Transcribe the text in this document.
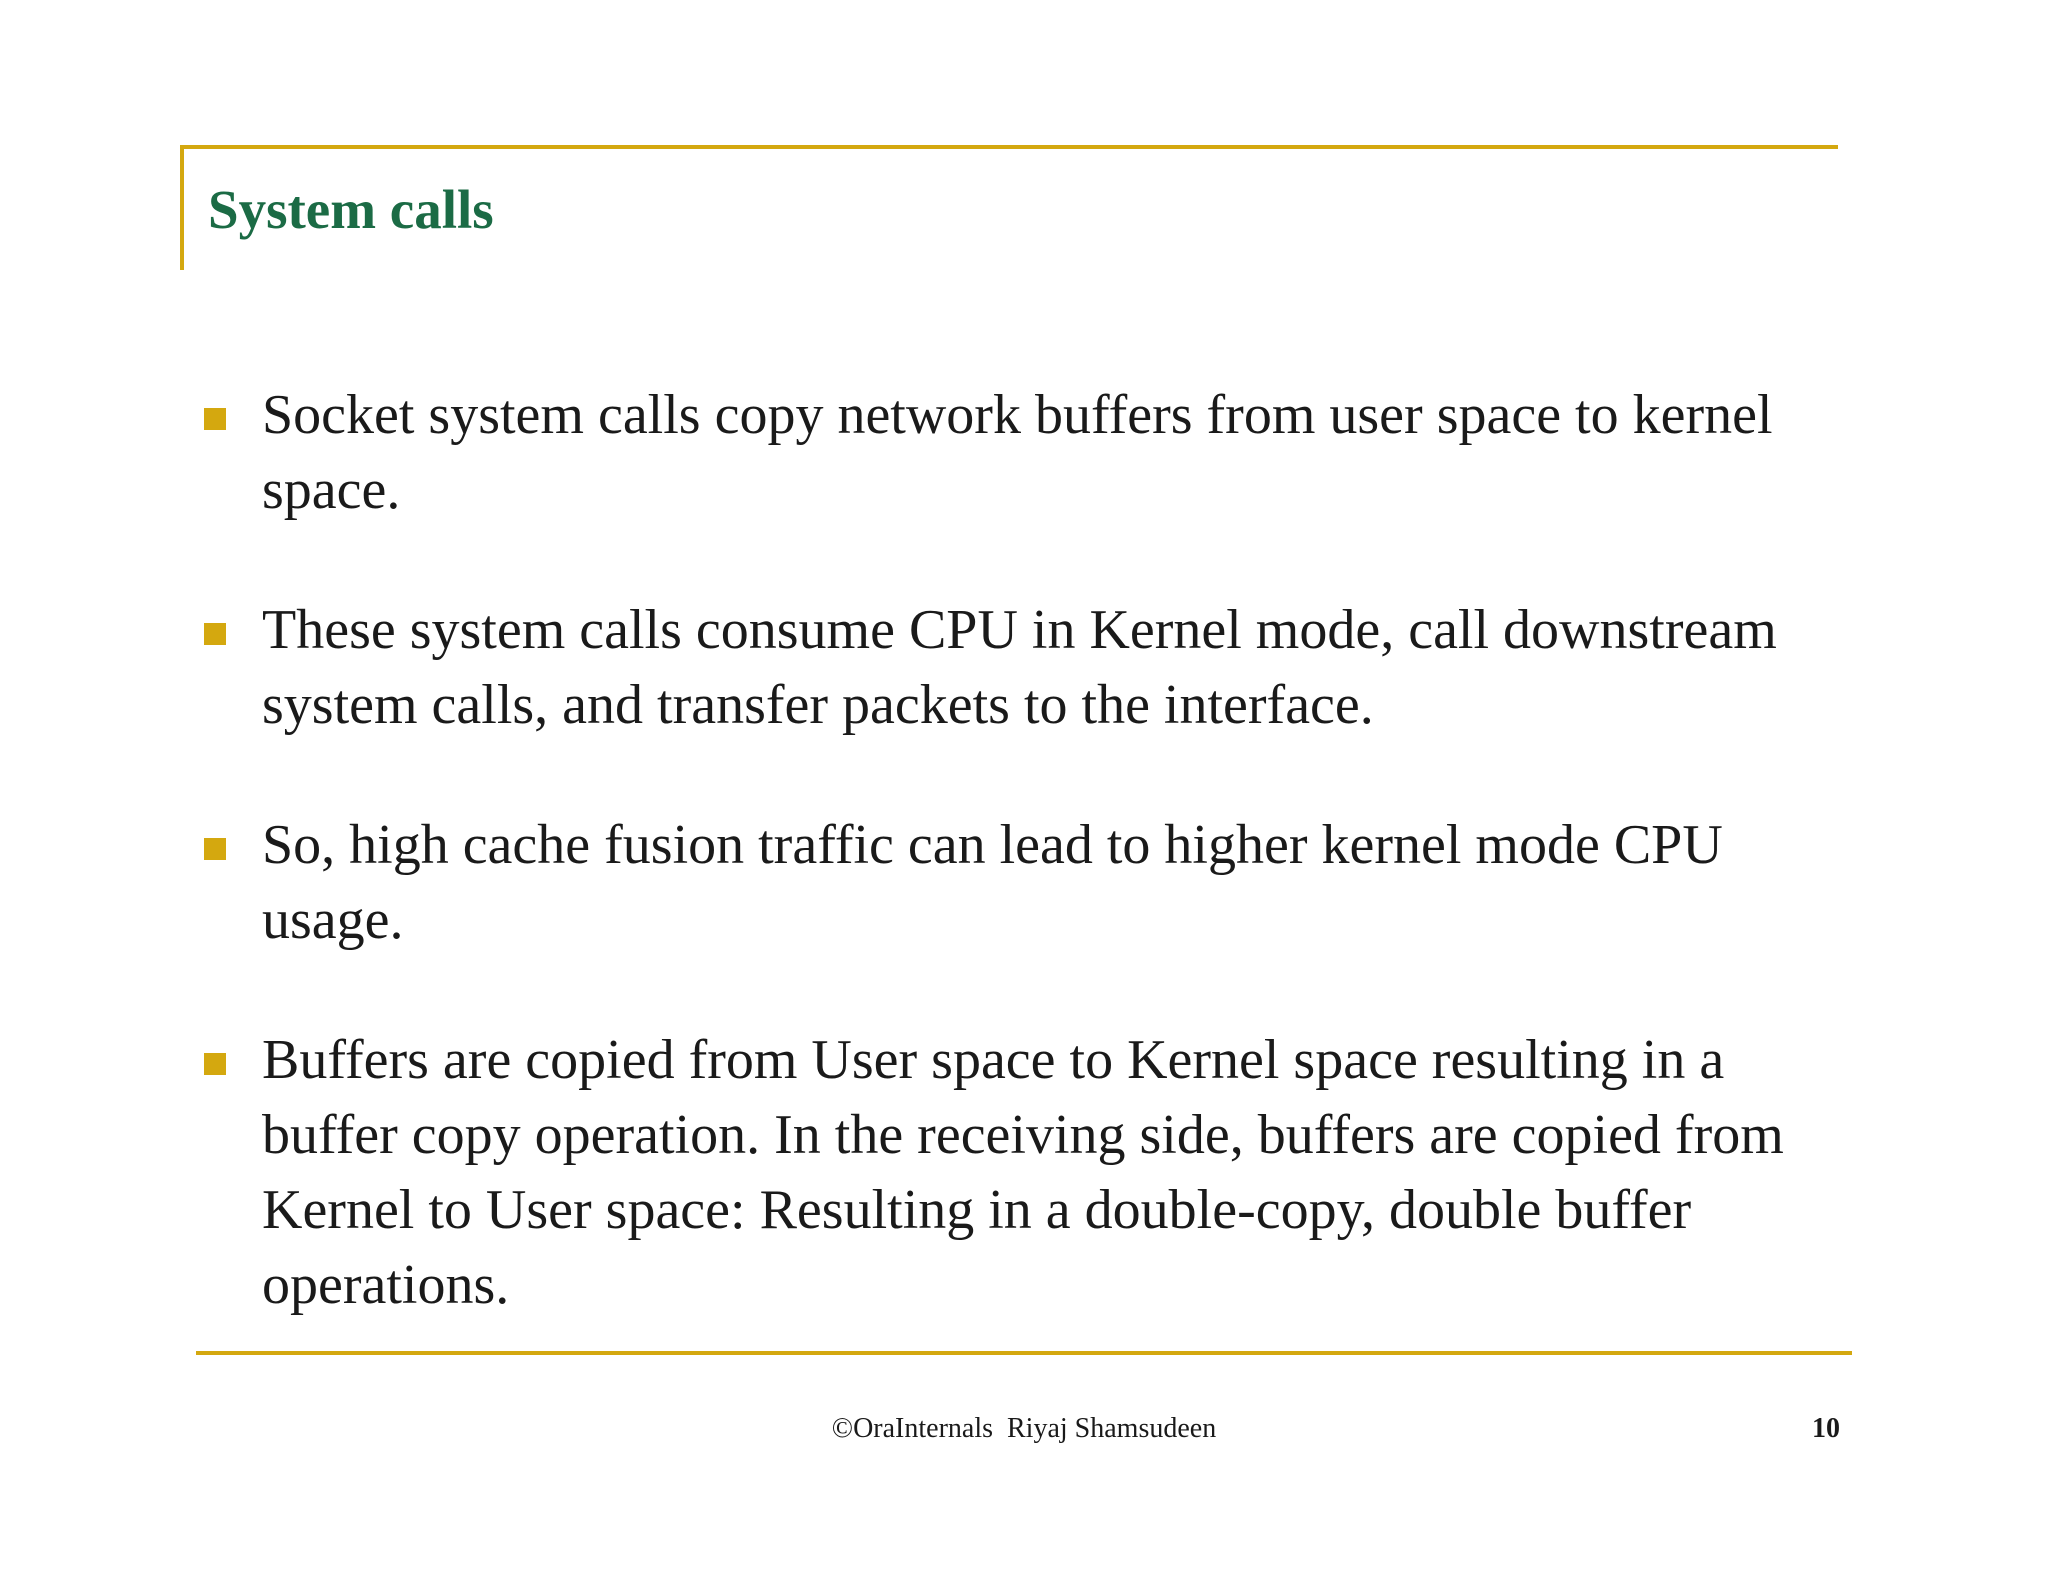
System calls
Socket system calls copy network buffers from user space to kernel space.
These system calls consume CPU in Kernel mode, call downstream system calls, and transfer packets to the interface.
So, high cache fusion traffic can lead to higher kernel mode CPU usage.
Buffers are copied from User space to Kernel space resulting in a buffer copy operation. In the receiving side, buffers are copied from Kernel to User space: Resulting in a double-copy, double buffer operations.
©OraInternals  Riyaj Shamsudeen	10
